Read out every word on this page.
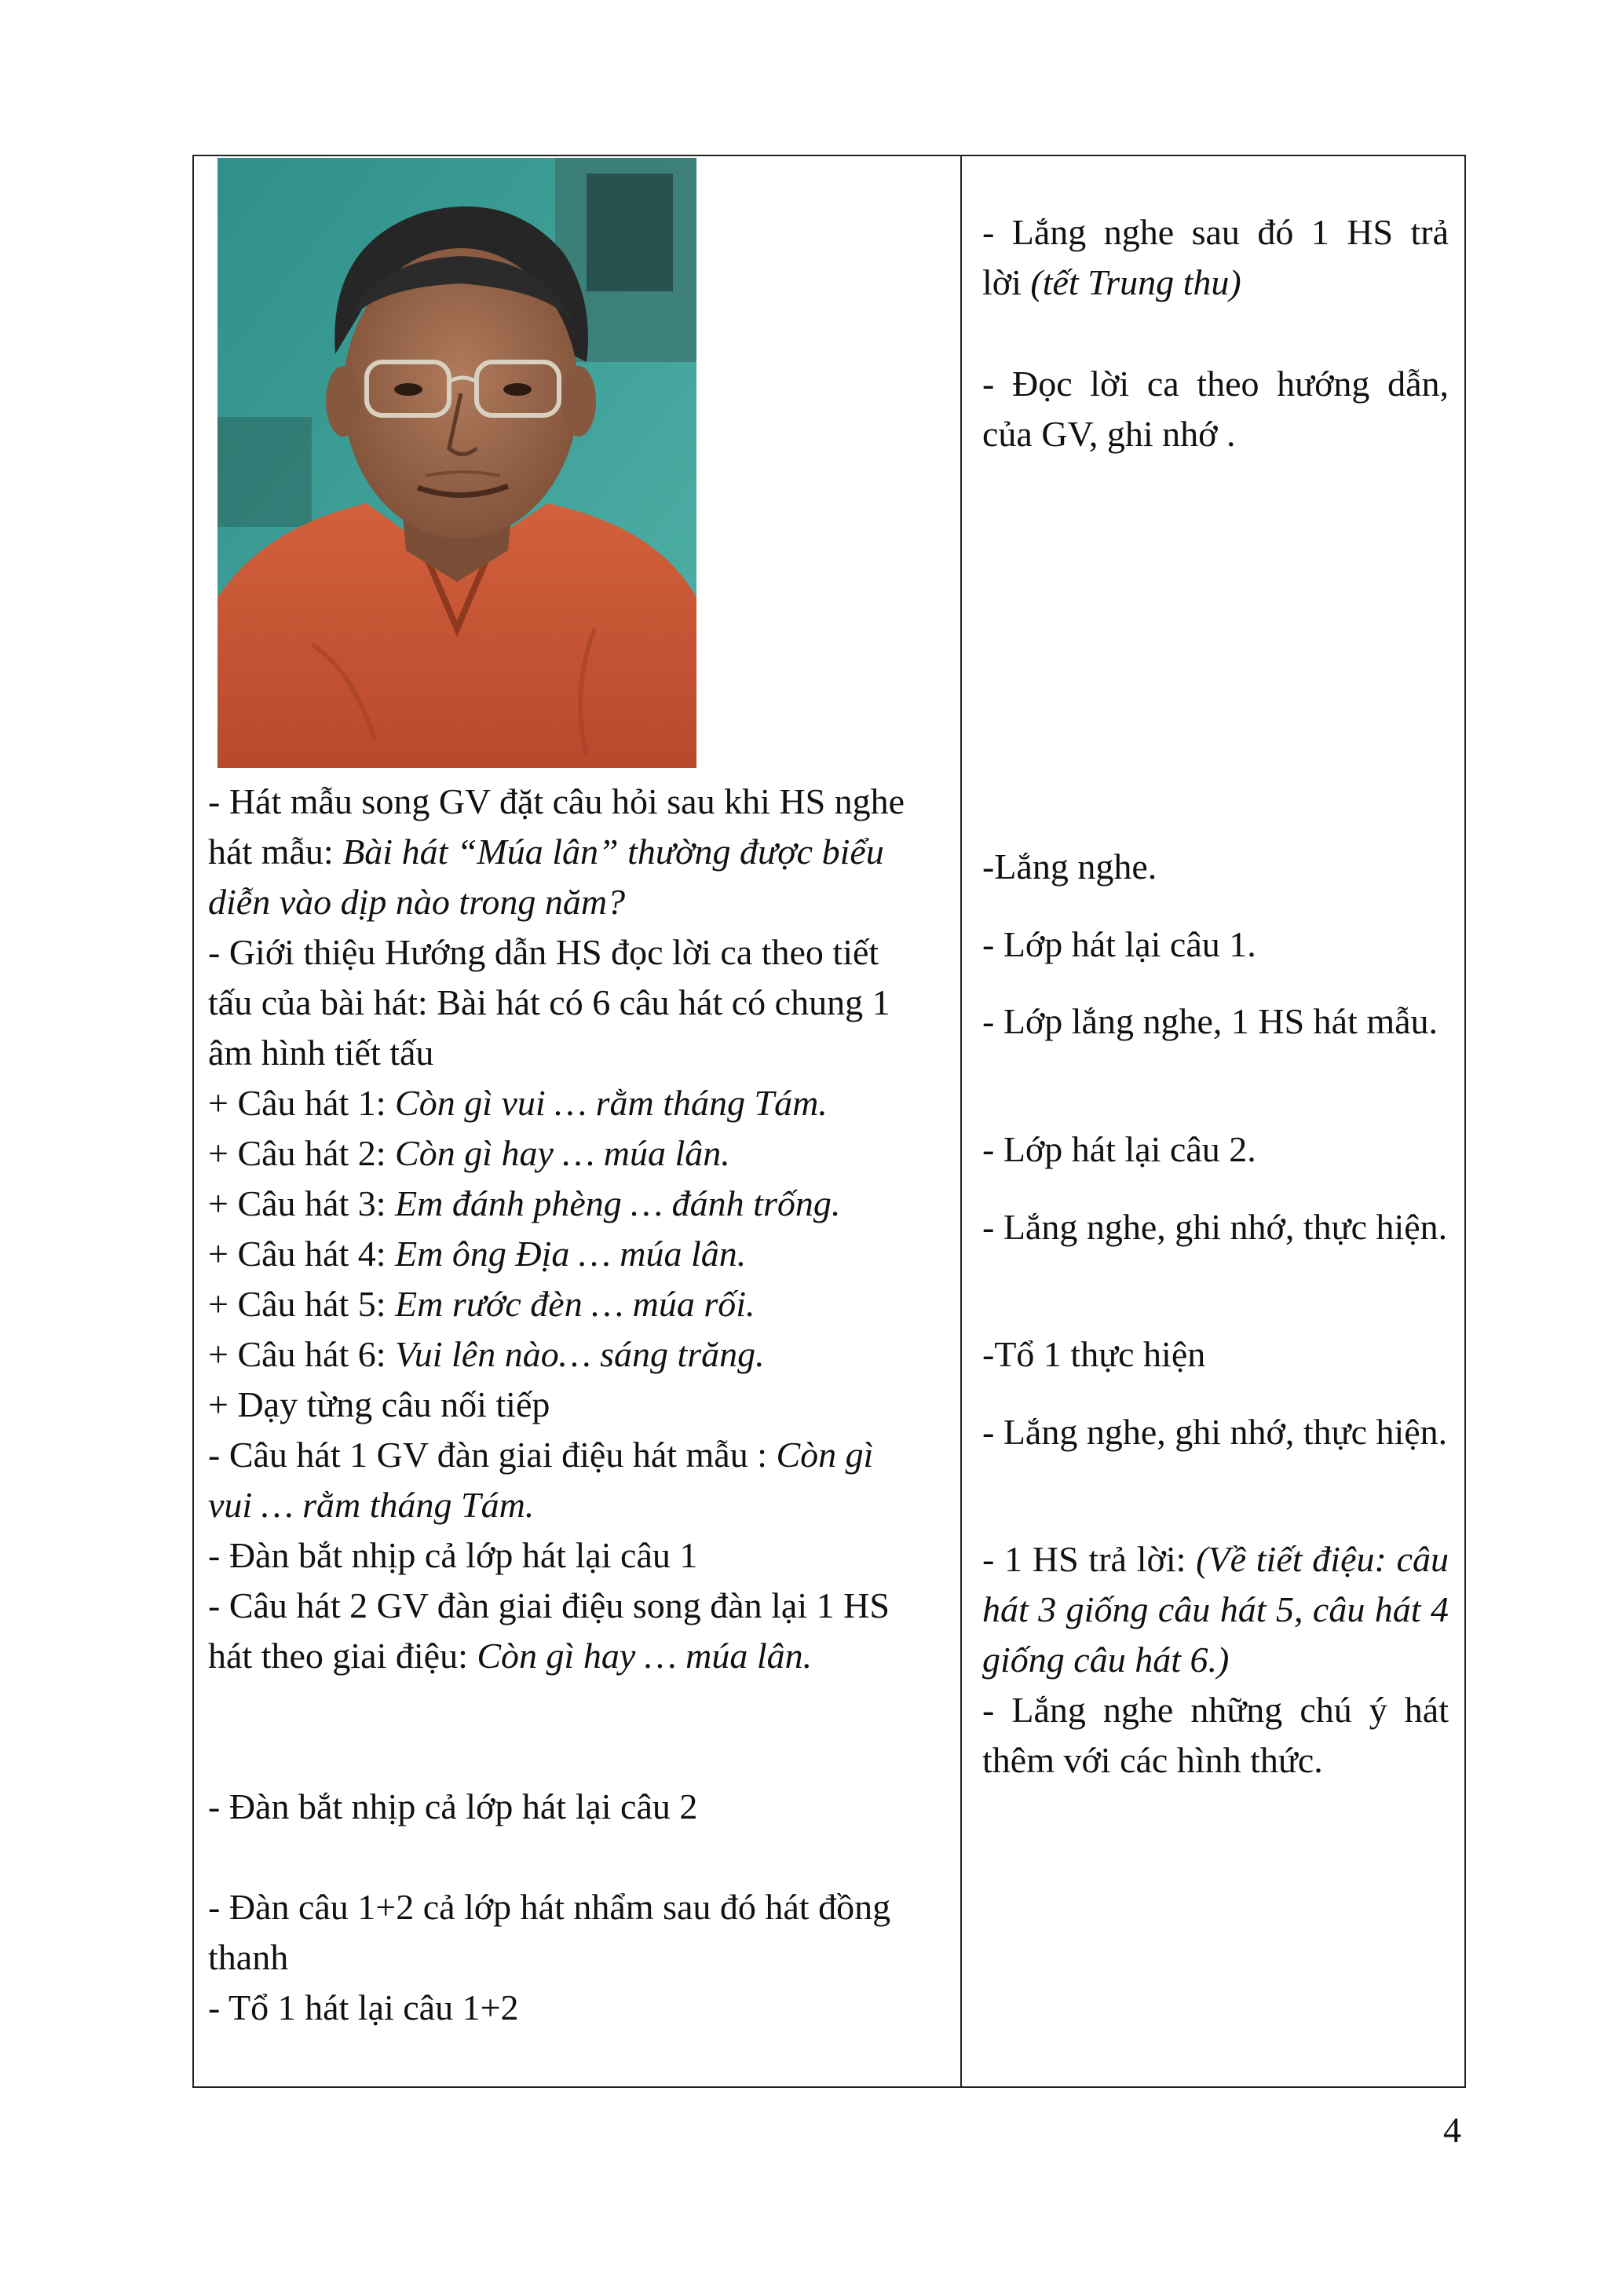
- Hát mẫu song GV đặt câu hỏi sau khi HS nghe
hát mẫu: Bài hát “Múa lân” thường được biểu
diễn vào dịp nào trong năm?
- Giới thiệu Hướng dẫn HS đọc lời ca theo tiết
tấu của bài hát: Bài hát có 6 câu hát có chung 1
âm hình tiết tấu
+ Câu hát 1: Còn gì vui … rằm tháng Tám.
+ Câu hát 2: Còn gì hay … múa lân.
+ Câu hát 3: Em đánh phèng … đánh trống.
+ Câu hát 4: Em ông Địa … múa lân.
+ Câu hát 5: Em rước đèn … múa rối.
+ Câu hát 6: Vui lên nào… sáng trăng.
+ Dạy từng câu nối tiếp
- Câu hát 1 GV đàn giai điệu hát mẫu : Còn gì
vui … rằm tháng Tám.
- Đàn bắt nhịp cả lớp hát lại câu 1
- Câu hát 2 GV đàn giai điệu song đàn lại 1 HS
hát theo giai điệu: Còn gì hay … múa lân.
- Đàn bắt nhịp cả lớp hát lại câu 2
- Đàn câu 1+2 cả lớp hát nhẩm sau đó hát đồng
thanh
- Tổ 1 hát lại câu 1+2
- Lắng nghe sau đó 1 HS trả
lời (tết Trung thu)
- Đọc lời ca theo hướng dẫn, của GV, ghi nhớ .
-Lắng nghe.
- Lớp hát lại câu 1.
- Lớp lắng nghe, 1 HS hát mẫu.
- Lớp hát lại câu 2.
- Lắng nghe, ghi nhớ, thực hiện.
-Tổ 1 thực hiện
- Lắng nghe, ghi nhớ, thực hiện.
- 1 HS trả lời: (Về tiết điệu: câu hát 3 giống câu hát 5, câu hát 4 giống câu hát 6.)
- Lắng nghe những chú ý hát thêm với các hình thức.
4
